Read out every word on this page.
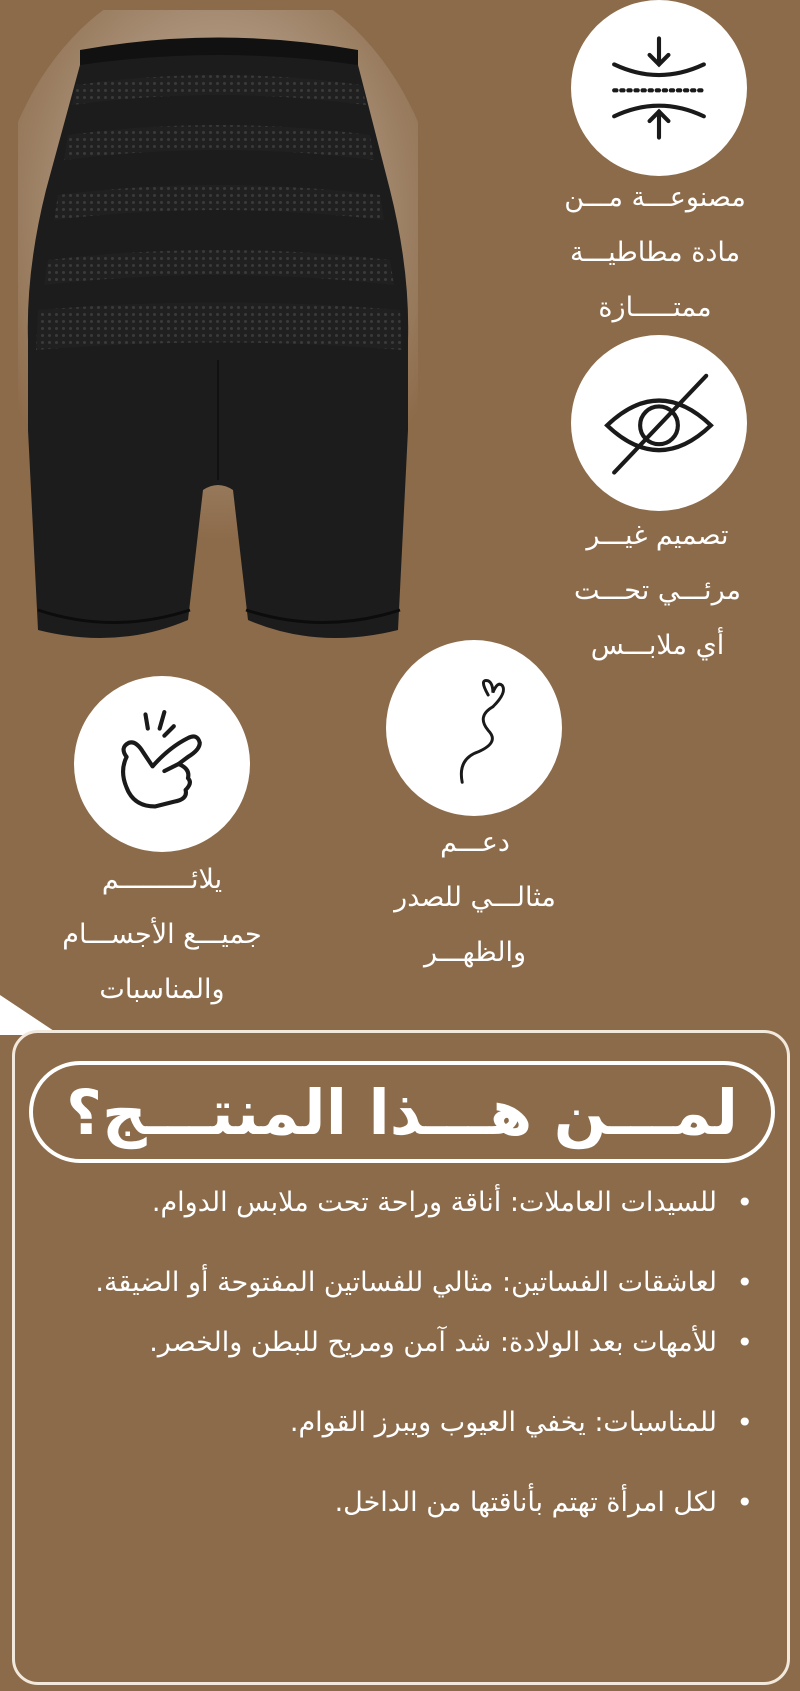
مصنوعـــة مـــن
مادة مطاطيـــة
ممتـــــازة
تصميم غيـــر
مرئـــي تحـــت
أي ملابـــس
دعـــم
مثالـــي للصدر
والظهـــر
يلائـــــــــم
جميـــع الأجســـام
والمناسبات
لمـــن هـــذا المنتـــج؟
• للسيدات العاملات: أناقة وراحة تحت ملابس الدوام.
• لعاشقات الفساتين: مثالي للفساتين المفتوحة أو الضيقة.
• للأمهات بعد الولادة: شد آمن ومريح للبطن والخصر.
• للمناسبات: يخفي العيوب ويبرز القوام.
• لكل امرأة تهتم بأناقتها من الداخل.
